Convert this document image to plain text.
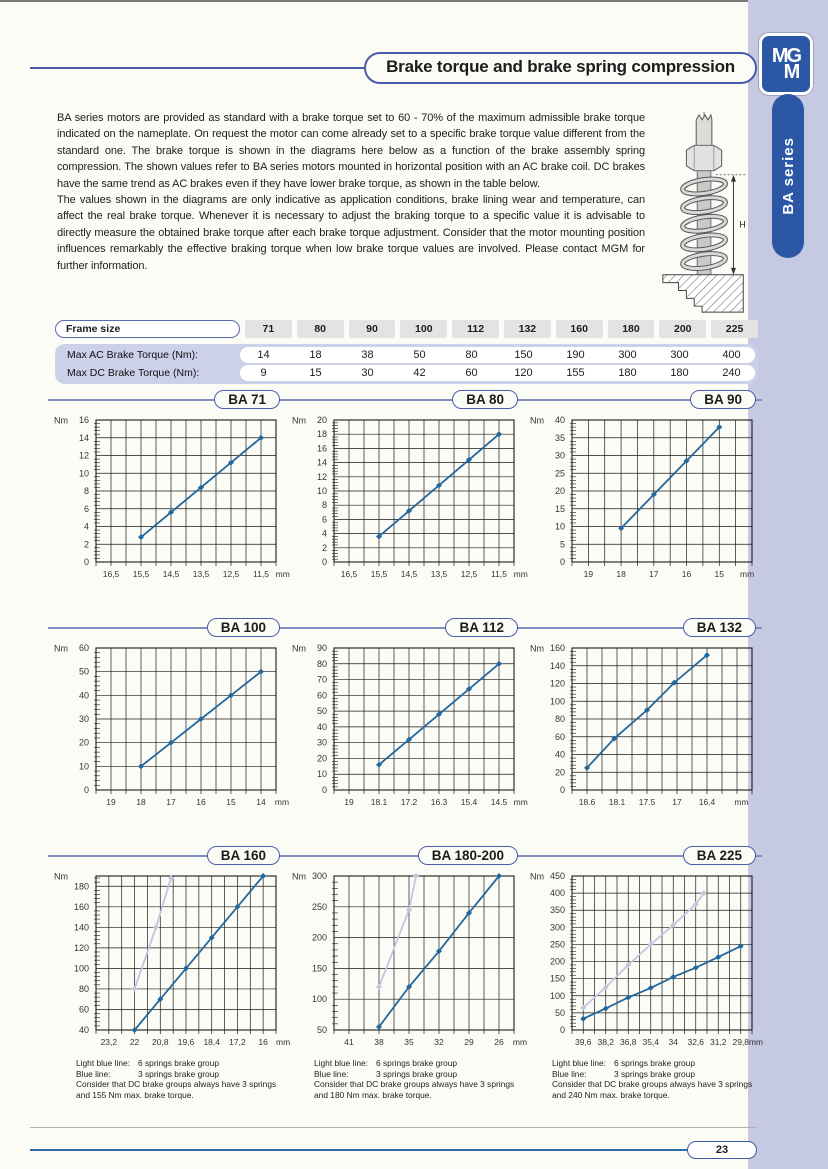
MG
M
BA series
Brake torque and brake spring compression
H

BA series motors are provided as standard with a brake torque set to 60 - 70% of the maximum admissible brake torque indicated on the nameplate. On request the motor can come already set to a specific brake torque value different from the standard one. The brake torque is shown in the diagrams here below as a function of the brake assembly spring compression. The shown values refer to BA series motors mounted in horizontal position with an AC brake coil. DC brakes have the same trend as AC brakes even if they have lower brake torque, as shown in the table below.

The values shown in the diagrams are only indicative as application conditions, brake lining wear and temperature, can affect the real brake torque. Whenever it is necessary to adjust the braking torque to a specific value it is advisable to directly measure the obtained brake torque after each brake torque adjustment. Consider that the motor mounting position influences remarkably the effective braking torque when low brake torque values are involved. Please contact MGM for further information.

Frame size	71	80	90	100	112	132	160	180	200	225
Max AC Brake Torque (Nm):	14	18	38	50	80	150	190	300	300	400
Max DC Brake Torque (Nm):	9	15	30	42	60	120	155	180	180	240
BA 71
0
2
4
6
8
10
12
14
16
Nm
16,5 15,5 14,5 13,5 12,5 11,5 mm
BA 80
0
2
4
6
8
10
12
14
16
18
20
Nm
16,5 15,5 14,5 13,5 12,5 11,5 mm
BA 90
0
5
10
15
20
25
30
35
40
Nm
19	18	17	16	15 mm
BA 100
0
10
20
30
40
50
60
Nm
19 18 17 16 15 14 mm
BA 112
0
10
20
30
40
50
60
70
80
90
Nm
19 18.1 17.2 16.3 15.4 14.5 mm
BA 132
0
20
40
60
80
100
120
140
160
Nm
18.6 18.1 17.5 17 16.4 mm
BA 160
40
60
80
100
120
140
160
180
Nm
23,2 22 20,8 19,6 18,4 17,2 16 mm
Light blue line: 6 springs brake group
Blue line:	3 springs brake group
Consider that DC brake groups always have 3 springs and 155 Nm max. brake torque.
BA 180-200
50
100
150
200
250
300
Nm
41 38 35 32 29 26 mm
Light blue line: 6 springs brake group
Blue line:	3 springs brake group
Consider that DC brake groups always have 3 springs and 180 Nm max. brake torque.
BA 225
0
50
100
150
200
250
300
350
400
450
Nm
39,6 38,2 36,8 35,4 34 32,6 31,2 29,8 mm
Light blue line: 6 springs brake group
Blue line:	3 springs brake group
Consider that DC brake groups always have 3 springs and 240 Nm max. brake torque.
23
